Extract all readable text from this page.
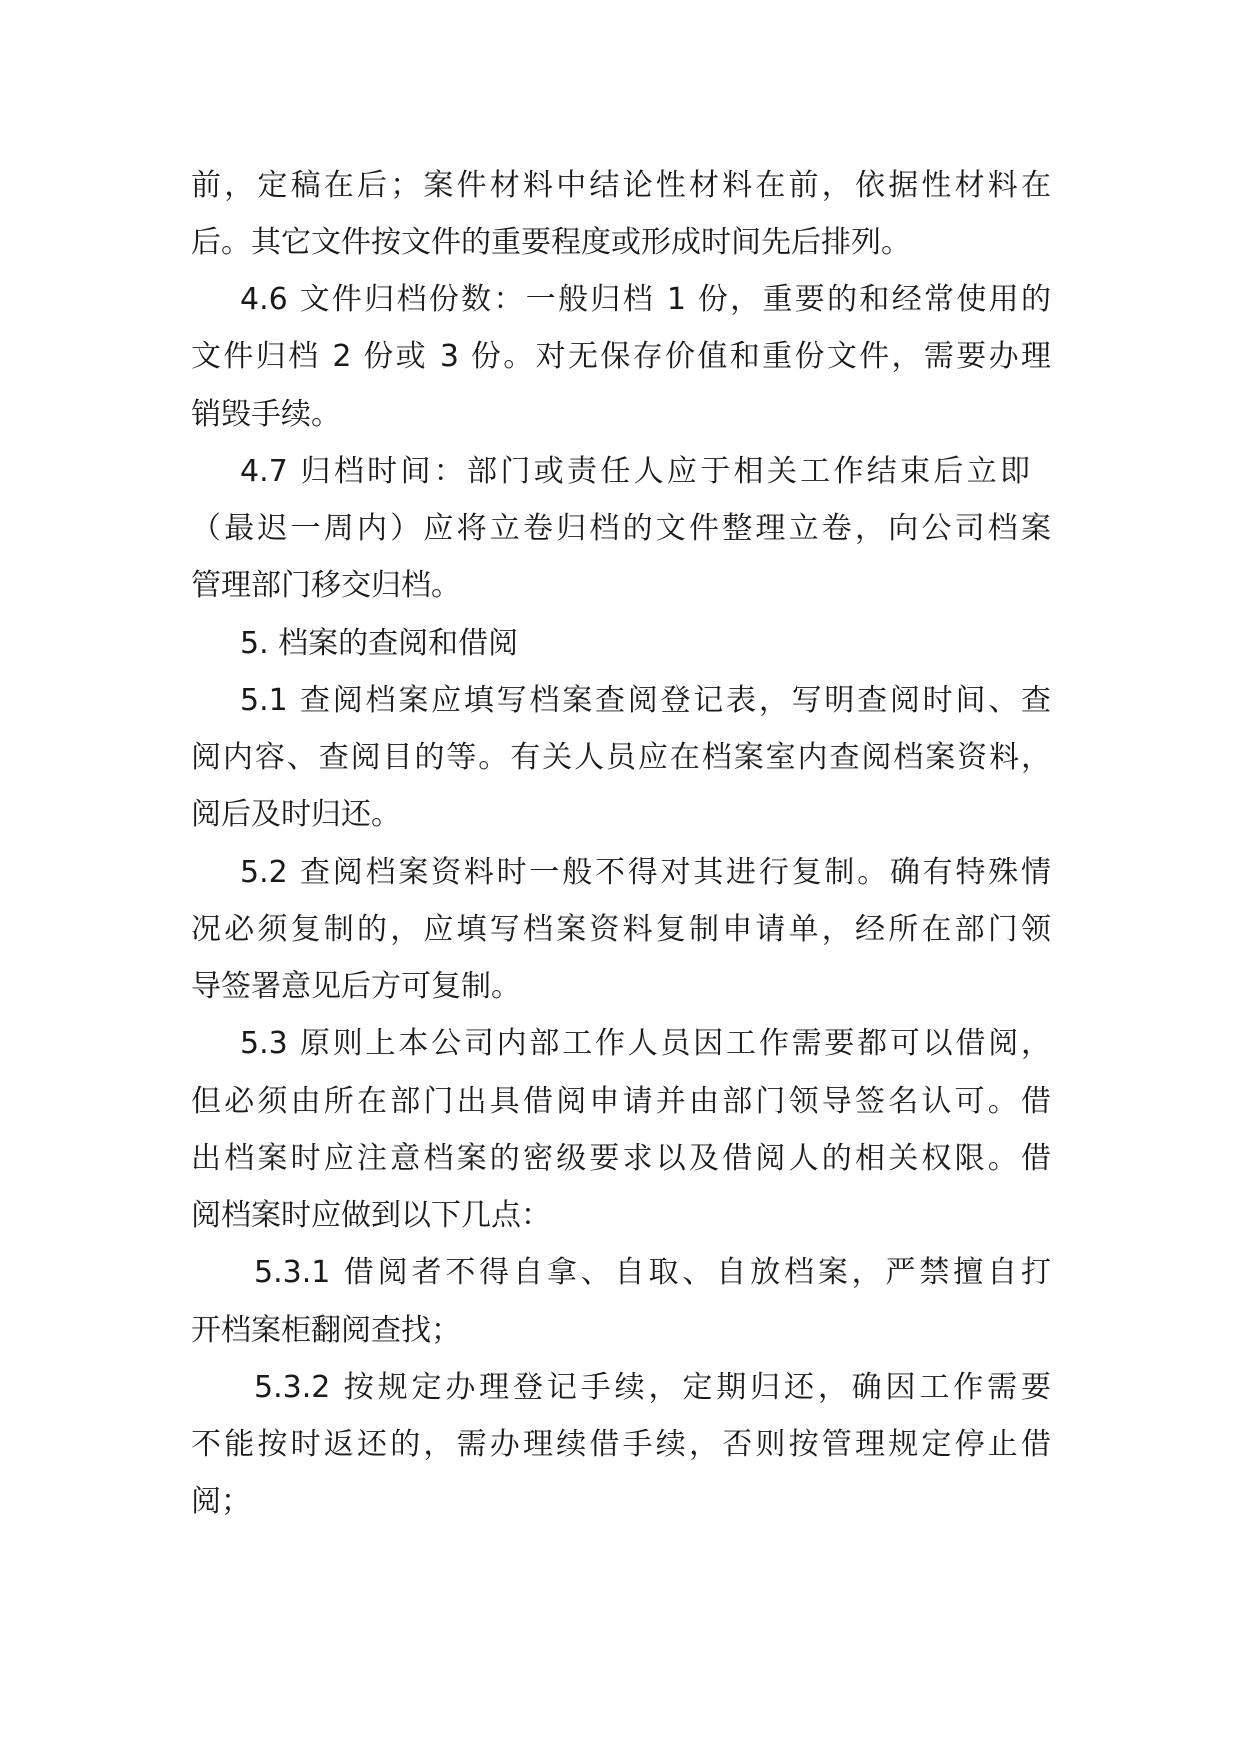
前，定稿在后；案件材料中结论性材料在前，依据性材料在
后。其它文件按文件的重要程度或形成时间先后排列。
4.6 文件归档份数：一般归档 1 份，重要的和经常使用的
文件归档 2 份或 3 份。对无保存价值和重份文件，需要办理
销毁手续。
4.7 归档时间：部门或责任人应于相关工作结束后立即
（最迟一周内）应将立卷归档的文件整理立卷，向公司档案
管理部门移交归档。
5. 档案的查阅和借阅
5.1 查阅档案应填写档案查阅登记表，写明查阅时间、查
阅内容、查阅目的等。有关人员应在档案室内查阅档案资料，
阅后及时归还。
5.2 查阅档案资料时一般不得对其进行复制。确有特殊情
况必须复制的，应填写档案资料复制申请单，经所在部门领
导签署意见后方可复制。
5.3 原则上本公司内部工作人员因工作需要都可以借阅，
但必须由所在部门出具借阅申请并由部门领导签名认可。借
出档案时应注意档案的密级要求以及借阅人的相关权限。借
阅档案时应做到以下几点：
5.3.1 借阅者不得自拿、自取、自放档案，严禁擅自打
开档案柜翻阅查找；
5.3.2 按规定办理登记手续，定期归还，确因工作需要
不能按时返还的，需办理续借手续，否则按管理规定停止借
阅；
